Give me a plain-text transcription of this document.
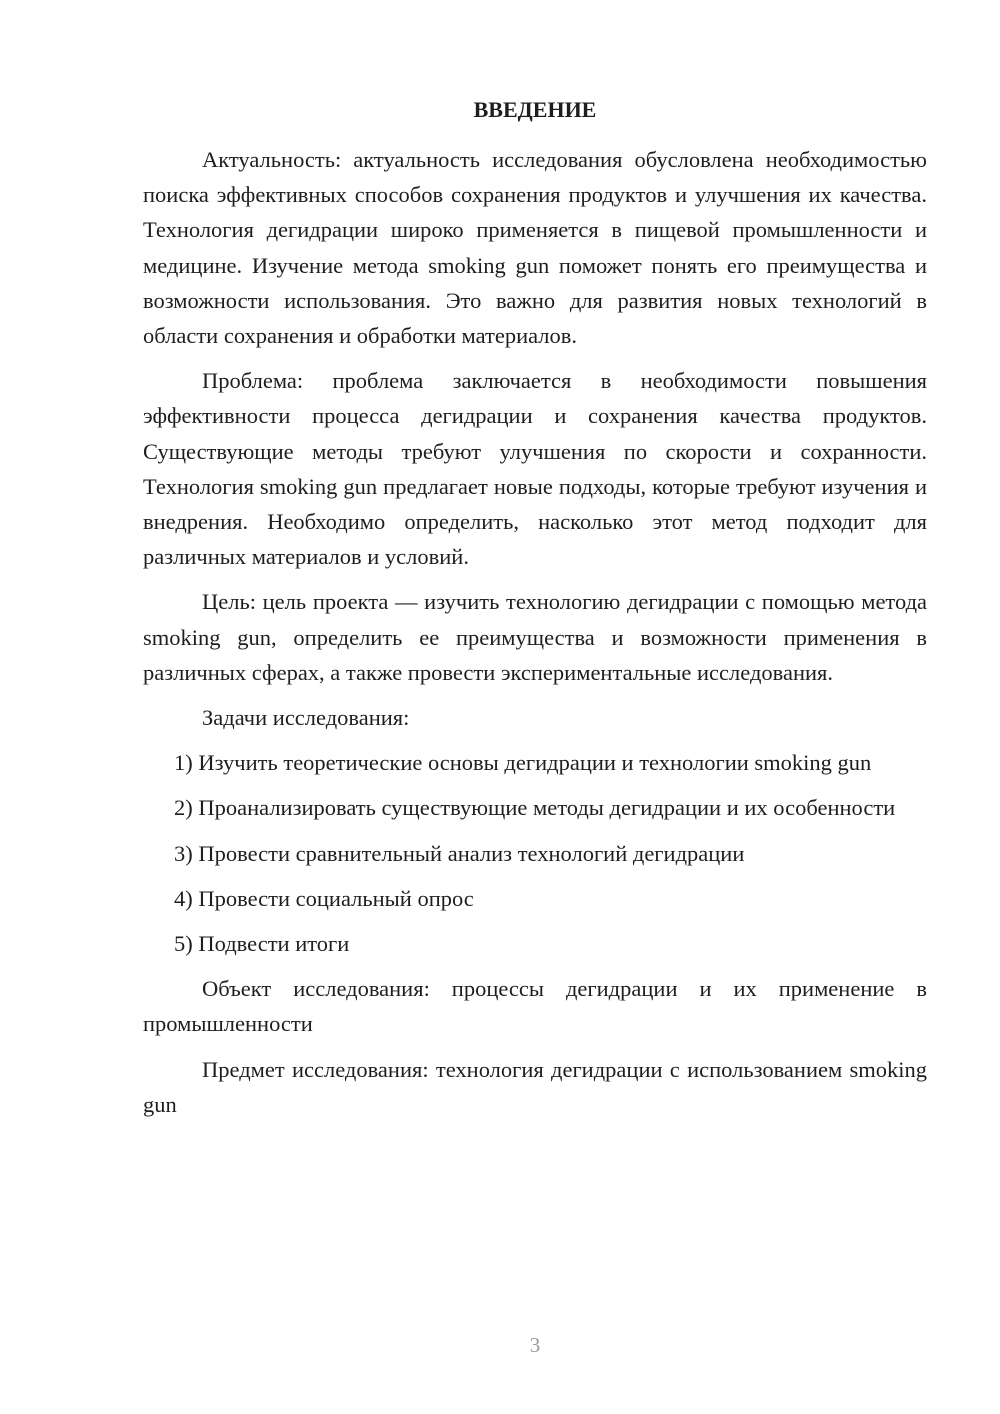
ВВЕДЕНИЕ

Актуальность: актуальность исследования обусловлена необходимостью поиска эффективных способов сохранения продуктов и улучшения их качества. Технология дегидрации широко применяется в пищевой промышленности и медицине. Изучение метода smoking gun поможет понять его преимущества и возможности использования. Это важно для развития новых технологий в области сохранения и обработки материалов.

Проблема: проблема заключается в необходимости повышения эффективности процесса дегидрации и сохранения качества продуктов. Существующие методы требуют улучшения по скорости и сохранности. Технология smoking gun предлагает новые подходы, которые требуют изучения и внедрения. Необходимо определить, насколько этот метод подходит для различных материалов и условий.

Цель: цель проекта — изучить технологию дегидрации с помощью метода smoking gun, определить ее преимущества и возможности применения в различных сферах, а также провести экспериментальные исследования.

Задачи исследования:

1) Изучить теоретические основы дегидрации и технологии smoking gun

2) Проанализировать существующие методы дегидрации и их особенности

3) Провести сравнительный анализ технологий дегидрации

4) Провести социальный опрос

5) Подвести итоги

Объект исследования: процессы дегидрации и их применение в промышленности

Предмет исследования: технология дегидрации с использованием smoking gun

3
